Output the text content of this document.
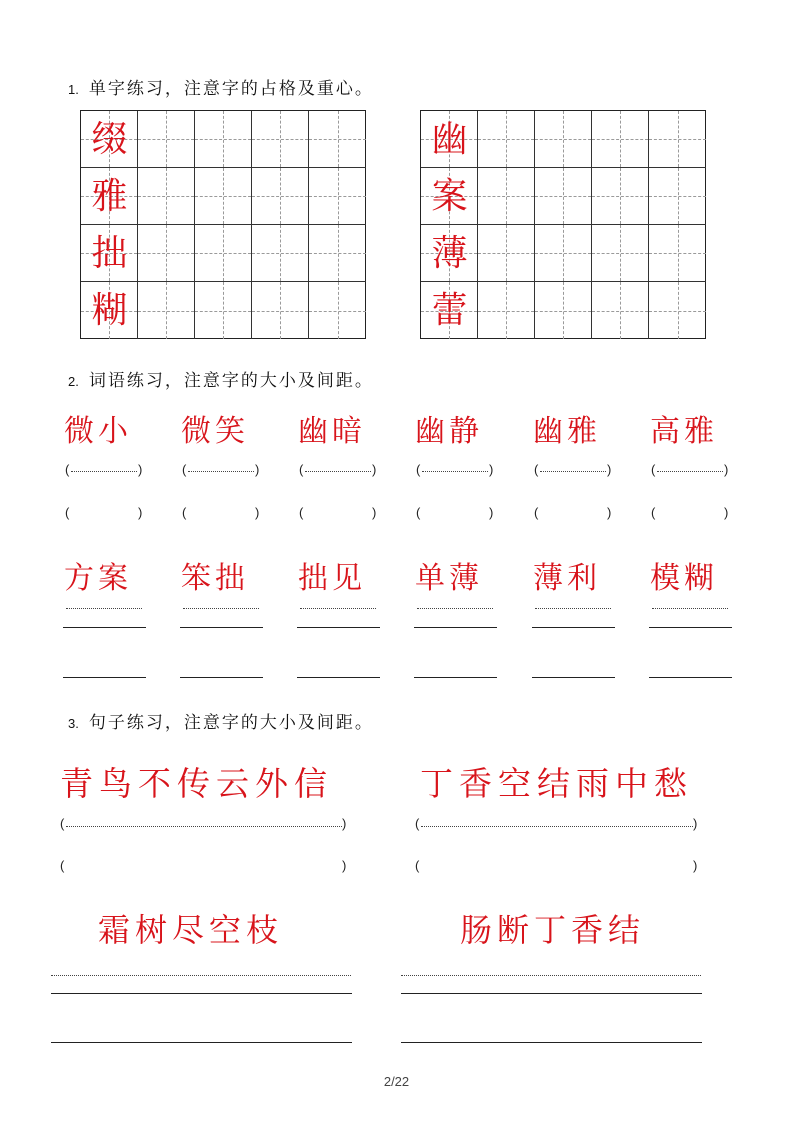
1. 单字练习，注意字的占格及重心。
缀
雅
拙
糊
幽
案
薄
蕾
2. 词语练习，注意字的大小及间距。
微小
(	)
(	)
微笑
(	)
(	)
幽暗
(	)
(	)
幽静
(	)
(	)
幽雅
(	)
(	)
高雅
(	)
(	)
方案 笨拙 拙见 单薄 薄利 模糊
3. 句子练习，注意字的大小及间距。
青鸟不传云外信	丁香空结雨中愁
(	)
(	)
(	)
(	)
霜树尽空枝	肠断丁香结
2/22
